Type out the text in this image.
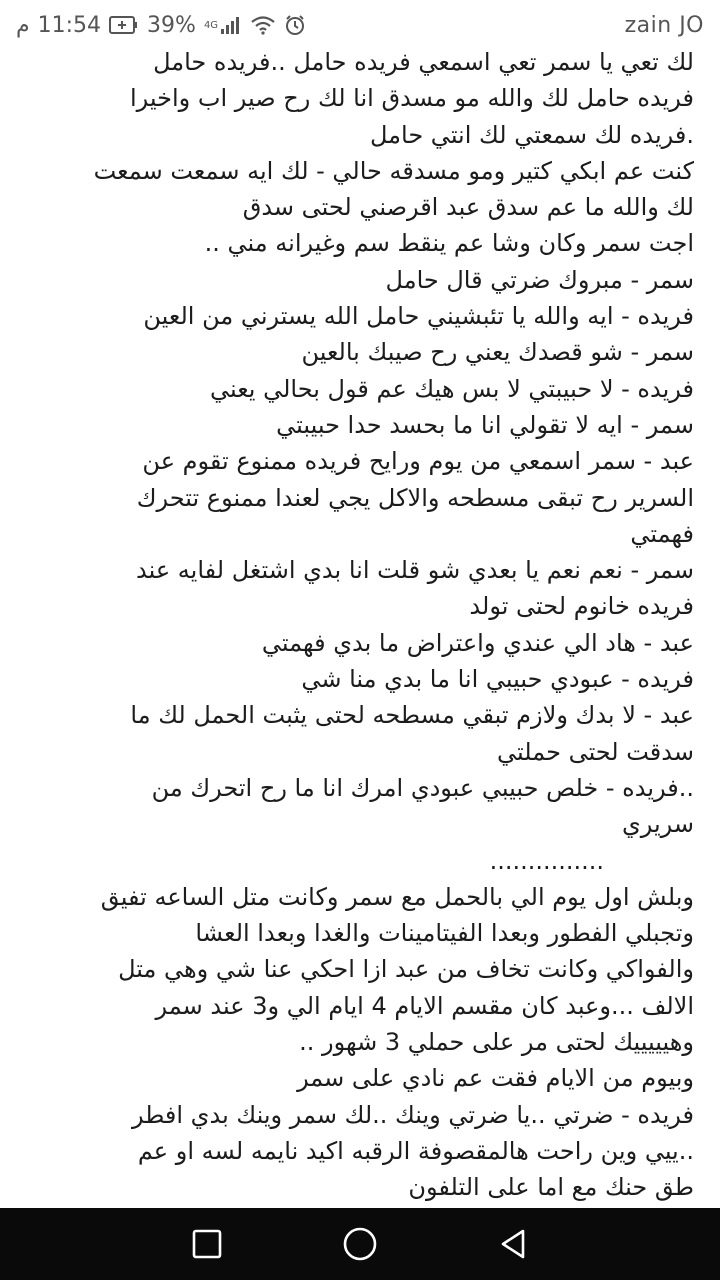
م 11:54 39% 4G	zain JO
لك تعي يا سمر تعي اسمعي فريده حامل ..فريده حامل
فريده حامل لك والله مو مسدق انا لك رح صير اب واخيرا
.فريده لك سمعتي لك انتي حامل
كنت عم ابكي كتير ومو مسدقه حالي - لك ايه سمعت سمعت
لك والله ما عم سدق عبد اقرصني لحتى سدق
اجت سمر وكان وشا عم ينقط سم وغيرانه مني ..
سمر - مبروك ضرتي قال حامل
فريده - ايه والله يا تئبشيني حامل الله يسترني من العين
سمر - شو قصدك يعني رح صيبك بالعين
فريده - لا حبيبتي لا بس هيك عم قول بحالي يعني
سمر - ايه لا تقولي انا ما بحسد حدا حبيبتي
عبد - سمر اسمعي من يوم ورايح فريده ممنوع تقوم عن
السرير رح تبقى مسطحه والاكل يجي لعندا ممنوع تتحرك
فهمتي
سمر - نعم نعم يا بعدي شو قلت انا بدي اشتغل لفايه عند
فريده خانوم لحتى تولد
عبد - هاد الي عندي واعتراض ما بدي فهمتي
فريده - عبودي حبيبي انا ما بدي منا شي
عبد - لا بدك ولازم تبقي مسطحه لحتى يثبت الحمل لك ما
سدقت لحتى حملتي
..فريده - خلص حبيبي عبودي امرك انا ما رح اتحرك من
سريري
...............
وبلش اول يوم الي بالحمل مع سمر وكانت متل الساعه تفيق
وتجبلي الفطور وبعدا الفيتامينات والغدا وبعدا العشا
والفواكي وكانت تخاف من عبد ازا احكي عنا شي وهي متل
الالف ...وعبد كان مقسم الايام 4 ايام الي و3 عند سمر
وهيييييك لحتى مر على حملي 3 شهور ..
وبيوم من الايام فقت عم نادي على سمر
فريده - ضرتي ..يا ضرتي وينك ..لك سمر وينك بدي افطر
..ييي وين راحت هالمقصوفة الرقبه اكيد نايمه لسه او عم
طق حنك مع اما على التلفون
